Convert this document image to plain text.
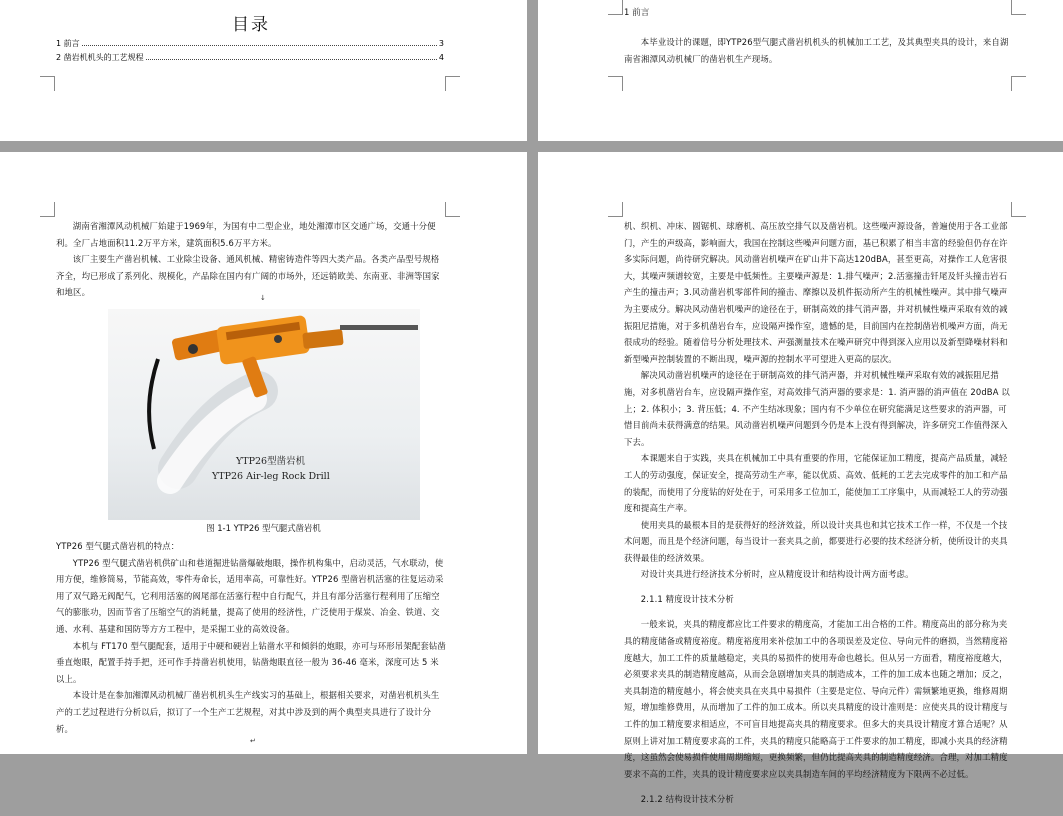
目录
1 前言	3
2 凿岩机机头的工艺规程	4
1 前言

本毕业设计的课题，即YTP26型气腿式凿岩机机头的机械加工工艺，及其典型夹具的设计，来自湖南省湘潭风动机械厂的凿岩机生产现场。

湖南省湘潭风动机械厂始建于1969年，为国有中二型企业，地处湘潭市区交通广场，交通十分便利。全厂占地面积11.2万平方米，建筑面积5.6万平方米。

该厂主要生产凿岩机械、工业除尘设备、通风机械、精密铸造件等四大类产品。各类产品型号规格齐全，均已形成了系列化、规模化，产品除在国内有广阔的市场外，还远销欧美、东南亚、非洲等国家和地区。

↓
YTP26型凿岩机
YTP26 Air-leg Rock Drill
图 1-1 YTP26 型气腿式凿岩机

YTP26 型气腿式凿岩机的特点：

YTP26 型气腿式凿岩机供矿山和巷道掘进钻凿爆破炮眼，操作机构集中，启动灵活，气水联动，使用方便，维修简易，节能高效，零件寿命长，适用率高，可靠性好。YTP26 型凿岩机活塞的往复运动采用了双气路无阀配气，它利用活塞的阀尾部在活塞行程中自行配气，并且有部分活塞行程利用了压缩空气的膨胀功，因而节省了压缩空气的消耗量，提高了使用的经济性，广泛使用于煤炭、冶金、铁道、交通、水利、基建和国防等方方工程中，是采掘工业的高效设备。

本机与 FT170 型气腿配套，适用于中硬和硬岩上钻凿水平和倾斜的炮眼，亦可与环形吊架配套钻凿垂直炮眼，配置手持手把，还可作手持凿岩机使用，钻凿炮眼直径一般为 36-46 毫米，深度可达 5 米以上。

本设计是在参加湘潭风动机械厂凿岩机机头生产线实习的基础上，根据相关要求，对凿岩机机头生产的工艺过程进行分析以后，拟订了一个生产工艺规程，对其中涉及到的两个典型夹具进行了设计分析。

↵

机、织机、冲床、圆锯机、球磨机、高压放空排气以及凿岩机。这些噪声源设备，普遍使用于各工业部门，产生的声级高，影响面大，我国在控制这些噪声问题方面，基已积累了相当丰富的经验但仍存在许多实际问题，尚待研究解决。风动凿岩机噪声在矿山井下高达120dBA，甚至更高，对操作工人危害很大，其噪声频谱较宽，主要是中低频性。主要噪声源是：1.排气噪声；2.活塞撞击钎尾及钎头撞击岩石产生的撞击声；3.风动凿岩机零部件间的撞击、摩擦以及机件振动所产生的机械性噪声。其中排气噪声为主要成分。解决风动凿岩机噪声的途径在于，研制高效的排气消声器，并对机械性噪声采取有效的减振阻尼措施，对于多机凿岩台车，应设隔声操作室，遗憾的是，目前国内在控制凿岩机噪声方面，尚无很成功的经验。随着信号分析处理技术、声强测量技术在噪声研究中得到深入应用以及新型降噪材料和新型噪声控制装置的不断出现，噪声源的控制水平可望进入更高的层次。

解决风动凿岩机噪声的途径在于研制高效的排气消声器，并对机械性噪声采取有效的减振阻尼措施，对多机凿岩台车，应设隔声操作室，对高效排气消声器的要求是：1. 消声器的消声值在 20dBA 以上；2. 体积小；3. 背压低；4. 不产生结冰现象；国内有不少单位在研究能满足这些要求的消声器，可惜目前尚未获得满意的结果。风动凿岩机噪声问题到今仍是本上没有得到解决，许多研究工作值得深入下去。

本课题来自于实践，夹具在机械加工中具有重要的作用，它能保证加工精度，提高产品质量，减轻工人的劳动强度，保证安全，提高劳动生产率，能以优质、高效、低耗的工艺去完成零件的加工和产品的装配，而使用了分度钻的好处在于，可采用多工位加工，能使加工工序集中，从而减轻工人的劳动强度和提高生产率。

使用夹具的最根本目的是获得好的经济效益，所以设计夹具也和其它技术工作一样，不仅是一个技术问题，而且是个经济问题，每当设计一套夹具之前，都要进行必要的技术经济分析，使所设计的夹具获得最佳的经济效果。

对设计夹具进行经济技术分析时，应从精度设计和结构设计两方面考虑。

2.1.1 精度设计技术分析

一般来说，夹具的精度都应比工件要求的精度高，才能加工出合格的工件。精度高出的部分称为夹具的精度储备或精度裕度。精度裕度用来补偿加工中的各项误差及定位、导向元件的磨损，当然精度裕度越大，加工工件的质量越稳定，夹具的易损件的使用寿命也越长。但从另一方面看，精度裕度越大，必须要求夹具的制造精度越高，从而会急剧增加夹具的制造成本，工件的加工成本也随之增加；反之，夹具制造的精度越小，将会使夹具在夹具中易损件（主要是定位、导向元件）需频繁地更换，维修周期短，增加维修费用，从而增加了工件的加工成本。所以夹具精度的设计准则是：应使夹具的设计精度与工件的加工精度要求相适应，不可盲目地提高夹具的精度要求。但多大的夹具设计精度才算合适呢？从原则上讲对加工精度要求高的工件，夹具的精度只能略高于工件要求的加工精度，即减小夹具的经济精度，这虽然会使易损件使用周期缩短，更换频繁，但仍比提高夹具的制造精度经济。合理，对加工精度要求不高的工件，夹具的设计精度要求应以夹具制造车间的平均经济精度为下限两不必过低。

2.1.2 结构设计技术分析
